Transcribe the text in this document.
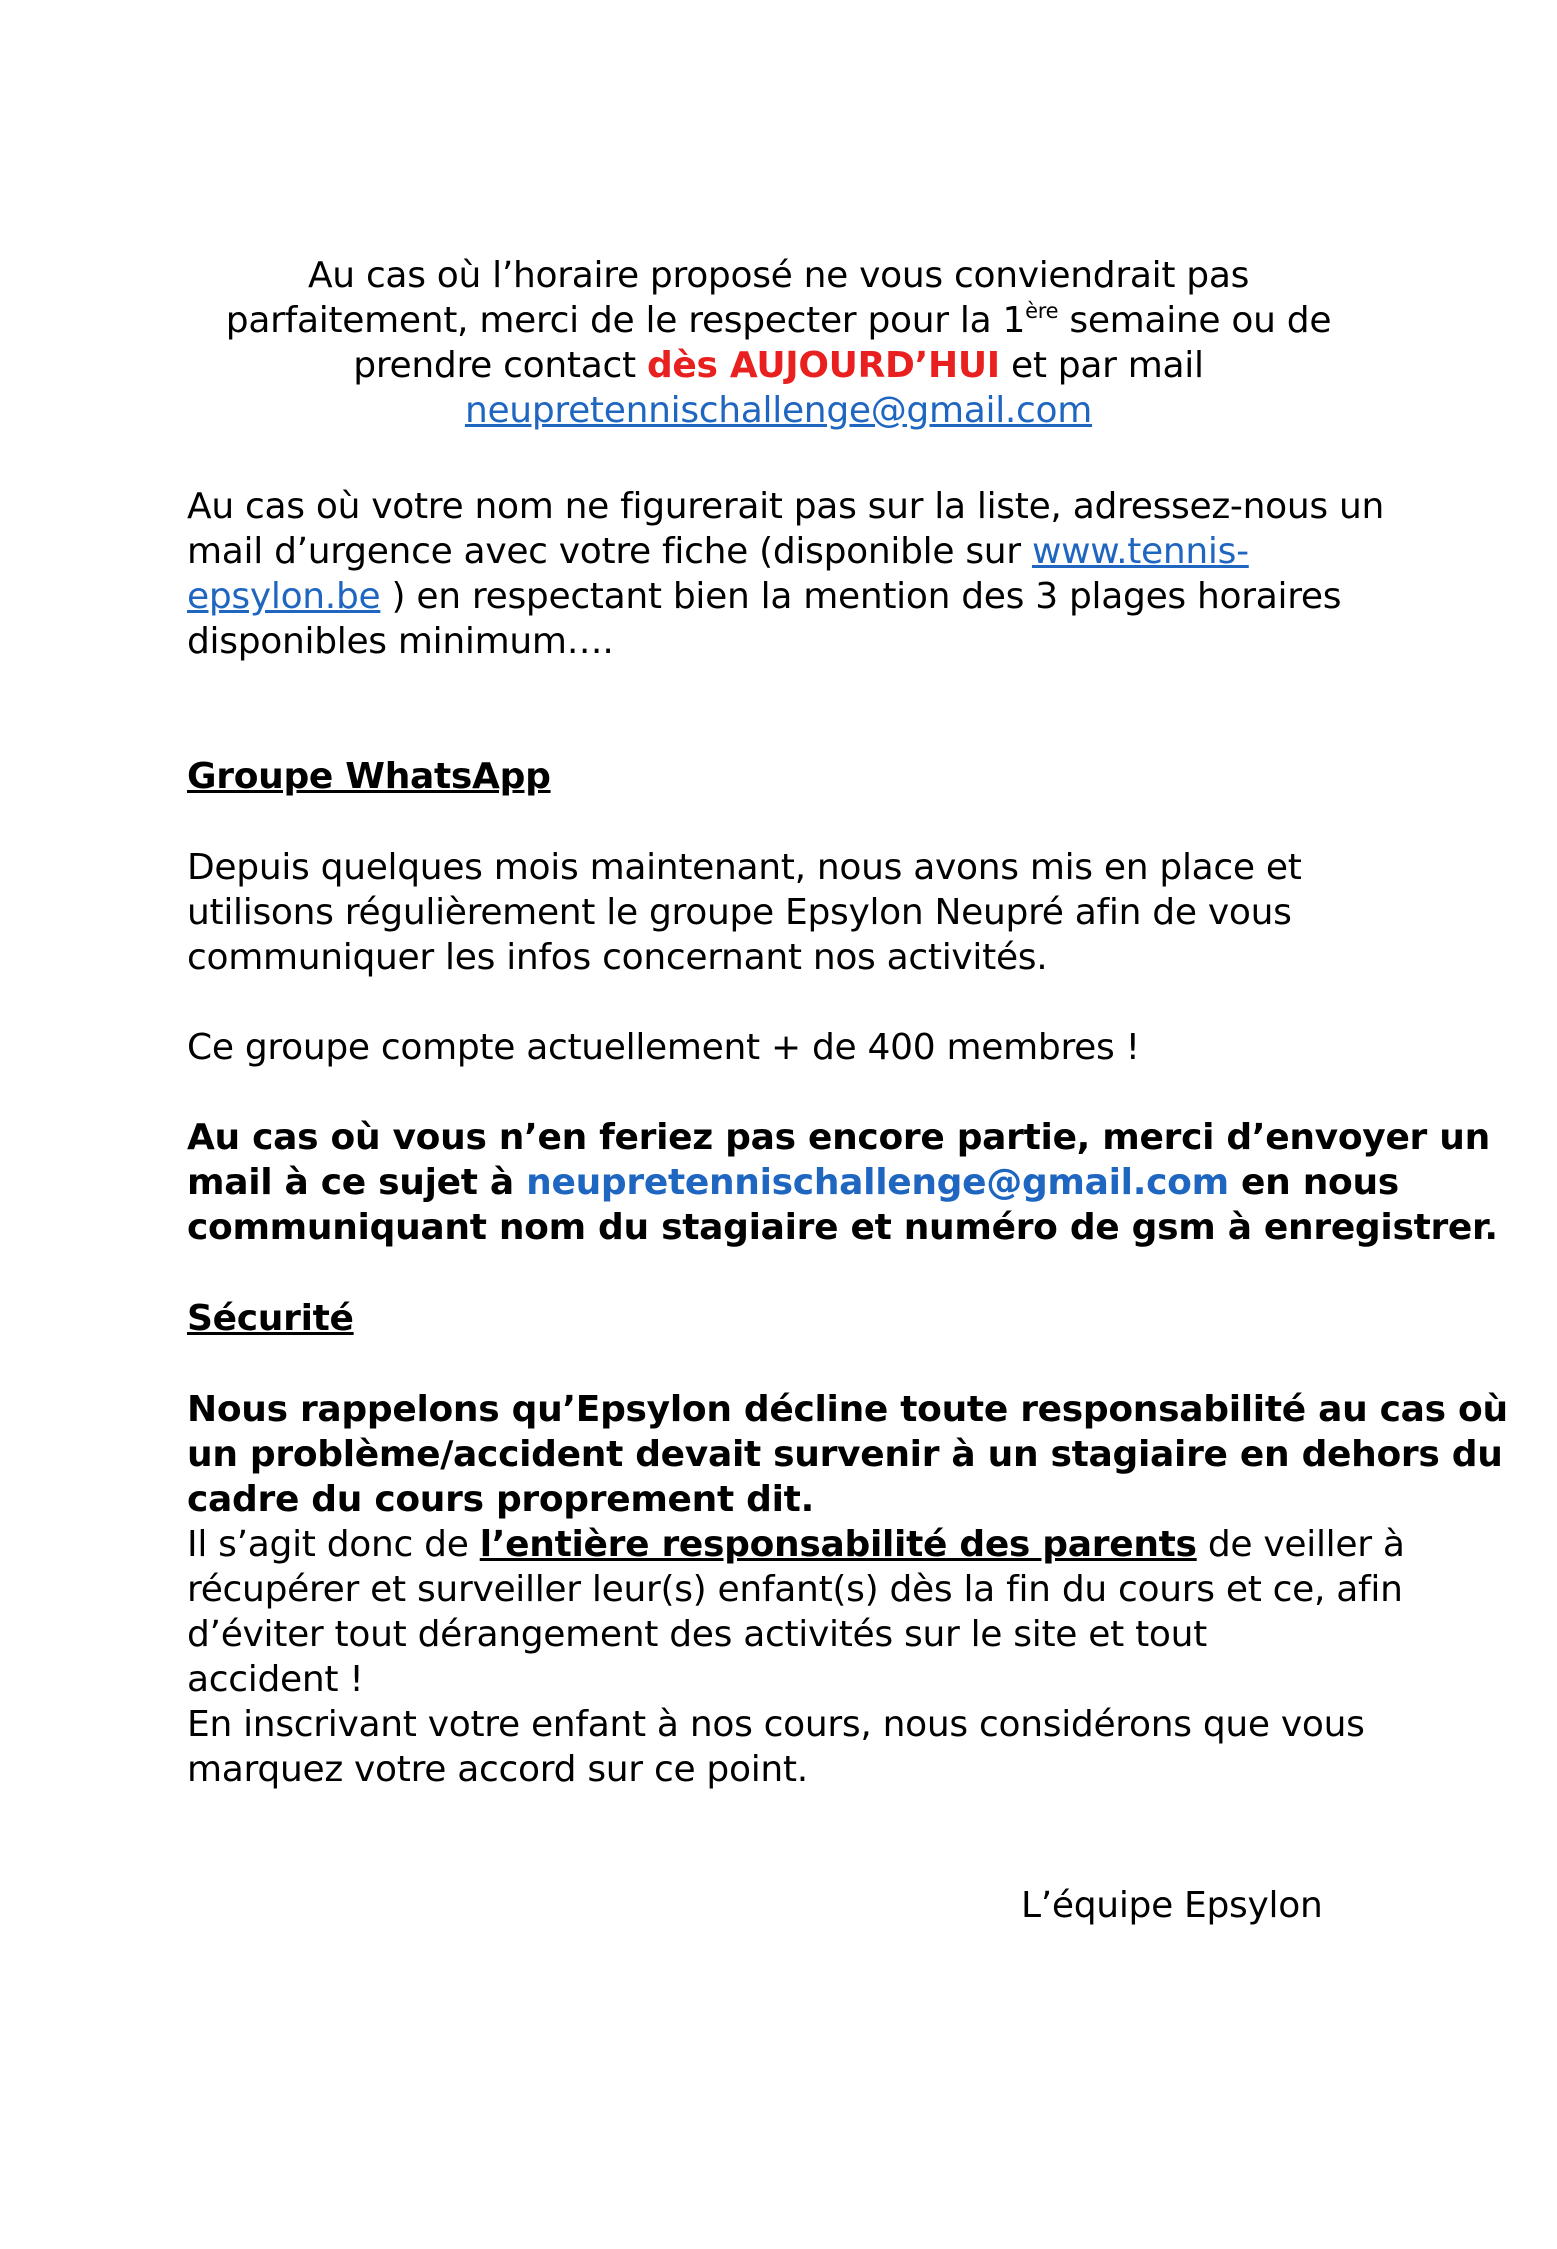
Au cas où l’horaire proposé ne vous conviendrait pas
parfaitement, merci de le respecter pour la 1ère semaine ou de
prendre contact dès AUJOURD’HUI et par mail
neupretennischallenge@gmail.com
Au cas où votre nom ne figurerait pas sur la liste, adressez-nous un
mail d’urgence avec votre fiche (disponible sur www.tennis-
epsylon.be ) en respectant bien la mention des 3 plages horaires
disponibles minimum….
Groupe WhatsApp
Depuis quelques mois maintenant, nous avons mis en place et
utilisons régulièrement le groupe Epsylon Neupré afin de vous
communiquer les infos concernant nos activités.
Ce groupe compte actuellement + de 400 membres !
Au cas où vous n’en feriez pas encore partie, merci d’envoyer un
mail à ce sujet à neupretennischallenge@gmail.com en nous
communiquant nom du stagiaire et numéro de gsm à enregistrer.
Sécurité
Nous rappelons qu’Epsylon décline toute responsabilité au cas où
un problème/accident devait survenir à un stagiaire en dehors du
cadre du cours proprement dit.
Il s’agit donc de l’entière responsabilité des parents de veiller à
récupérer et surveiller leur(s) enfant(s) dès la fin du cours et ce, afin
d’éviter tout dérangement des activités sur le site et tout
accident !
En inscrivant votre enfant à nos cours, nous considérons que vous
marquez votre accord sur ce point.
L’équipe Epsylon
